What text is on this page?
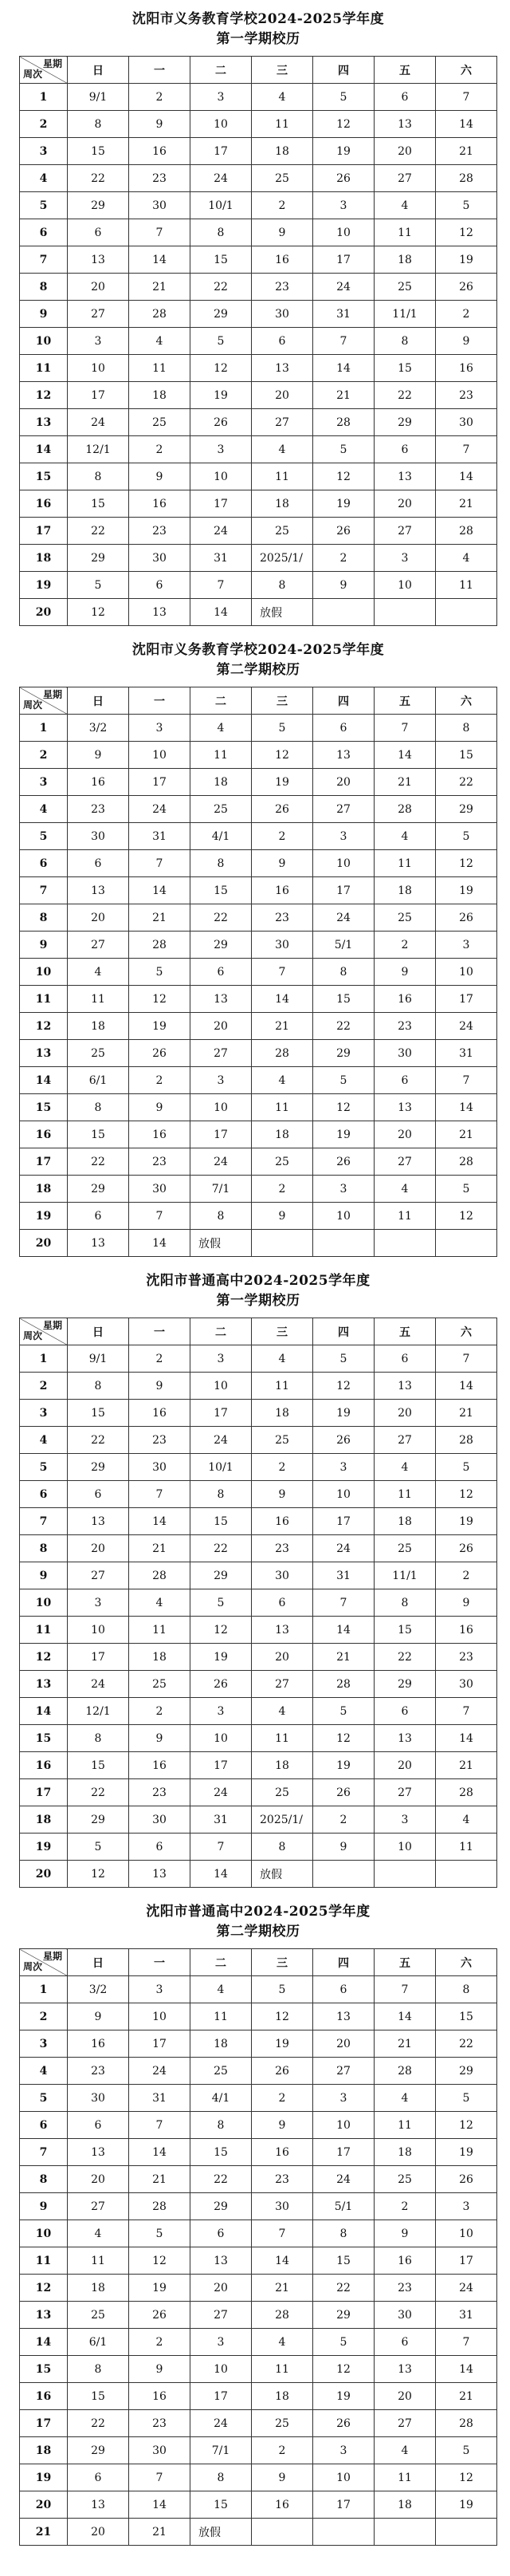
沈阳市义务教育学校2024-2025学年度
第一学期校历
星期
周次	日	一	二	三	四	五	六
1	9/1	2	3	4	5	6	7
2	8	9	10	11	12	13	14
3	15	16	17	18	19	20	21
4	22	23	24	25	26	27	28
5	29	30	10/1	2	3	4	5
6	6	7	8	9	10	11	12
7	13	14	15	16	17	18	19
8	20	21	22	23	24	25	26
9	27	28	29	30	31	11/1	2
10	3	4	5	6	7	8	9
11	10	11	12	13	14	15	16
12	17	18	19	20	21	22	23
13	24	25	26	27	28	29	30
14	12/1	2	3	4	5	6	7
15	8	9	10	11	12	13	14
16	15	16	17	18	19	20	21
17	22	23	24	25	26	27	28
18	29	30	31	2025/1/	2	3	4
19	5	6	7	8	9	10	11
20	12	13	14	放假			
沈阳市义务教育学校2024-2025学年度
第二学期校历
星期
周次	日	一	二	三	四	五	六
1	3/2	3	4	5	6	7	8
2	9	10	11	12	13	14	15
3	16	17	18	19	20	21	22
4	23	24	25	26	27	28	29
5	30	31	4/1	2	3	4	5
6	6	7	8	9	10	11	12
7	13	14	15	16	17	18	19
8	20	21	22	23	24	25	26
9	27	28	29	30	5/1	2	3
10	4	5	6	7	8	9	10
11	11	12	13	14	15	16	17
12	18	19	20	21	22	23	24
13	25	26	27	28	29	30	31
14	6/1	2	3	4	5	6	7
15	8	9	10	11	12	13	14
16	15	16	17	18	19	20	21
17	22	23	24	25	26	27	28
18	29	30	7/1	2	3	4	5
19	6	7	8	9	10	11	12
20	13	14	放假				
沈阳市普通高中2024-2025学年度
第一学期校历
星期
周次	日	一	二	三	四	五	六
1	9/1	2	3	4	5	6	7
2	8	9	10	11	12	13	14
3	15	16	17	18	19	20	21
4	22	23	24	25	26	27	28
5	29	30	10/1	2	3	4	5
6	6	7	8	9	10	11	12
7	13	14	15	16	17	18	19
8	20	21	22	23	24	25	26
9	27	28	29	30	31	11/1	2
10	3	4	5	6	7	8	9
11	10	11	12	13	14	15	16
12	17	18	19	20	21	22	23
13	24	25	26	27	28	29	30
14	12/1	2	3	4	5	6	7
15	8	9	10	11	12	13	14
16	15	16	17	18	19	20	21
17	22	23	24	25	26	27	28
18	29	30	31	2025/1/	2	3	4
19	5	6	7	8	9	10	11
20	12	13	14	放假			
沈阳市普通高中2024-2025学年度
第二学期校历
星期
周次	日	一	二	三	四	五	六
1	3/2	3	4	5	6	7	8
2	9	10	11	12	13	14	15
3	16	17	18	19	20	21	22
4	23	24	25	26	27	28	29
5	30	31	4/1	2	3	4	5
6	6	7	8	9	10	11	12
7	13	14	15	16	17	18	19
8	20	21	22	23	24	25	26
9	27	28	29	30	5/1	2	3
10	4	5	6	7	8	9	10
11	11	12	13	14	15	16	17
12	18	19	20	21	22	23	24
13	25	26	27	28	29	30	31
14	6/1	2	3	4	5	6	7
15	8	9	10	11	12	13	14
16	15	16	17	18	19	20	21
17	22	23	24	25	26	27	28
18	29	30	7/1	2	3	4	5
19	6	7	8	9	10	11	12
20	13	14	15	16	17	18	19
21	20	21	放假				
